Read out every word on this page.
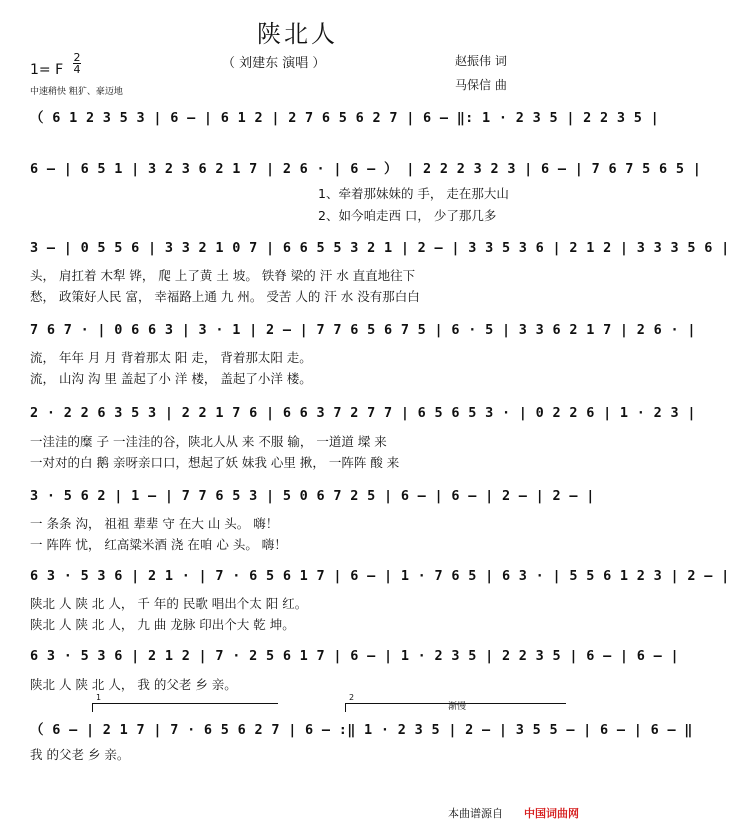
陕北人
（ 刘建东 演唱 ）
1= F
2
4
中速稍快 粗犷、豪迈地
赵振伟 词
马保信 曲
（ 6 1 2 3 5 3 | 6 – | 6 1 2 | 2 7 6 5 6 2 7 | 6 – ‖: 1 · 2 3 5 | 2 2 3 5 |
6 – | 6 5 1 | 3 2 3 6 2 1 7 | 2 6 · | 6 – ） | 2 2 2 3 2 3 | 6 – | 7 6 7 5 6 5 |
1、牵着那妹妹的 手， 走在那大山
2、如今咱走西 口， 少了那几多
3 – | 0 5 5 6 | 3 3 2 1 0 7 | 6 6 5 5 3 2 1 | 2 – | 3 3 5 3 6 | 2 1 2 | 3 3 3 5 6 |
头， 肩扛着 木犁 铧， 爬 上了黄 土 坡。 铁脊 梁的 汗 水 直直地往下
愁， 政策好人民 富， 幸福路上通 九 州。 受苦 人的 汗 水 没有那白白
7 6 7 · | 0 6 6 3 | 3 · 1 | 2 – | 7 7 6 5 6 7 5 | 6 · 5 | 3 3 6 2 1 7 | 2 6 · |
流， 年年 月 月 背着那太 阳 走， 背着那太阳 走。
流， 山沟 沟 里 盖起了小 洋 楼， 盖起了小洋 楼。
2 · 2 2 6 3 5 3 | 2 2 1 7 6 | 6 6 3 7 2 7 7 | 6 5 6 5 3 · | 0 2 2 6 | 1 · 2 3 |
一洼洼的糜 子 一洼洼的谷，陕北人从 来 不服 输， 一道道 墚 来
一对对的白 鹅 亲呀亲口口，想起了妖 妹我 心里 揪， 一阵阵 酸 来
3 · 5 6 2 | 1 – | 7 7 6 5 3 | 5 0 6 7 2 5 | 6 – | 6 – | 2 – | 2 – |
一 条条 沟， 祖祖 辈辈 守 在大 山 头。 嗨！
一 阵阵 忧， 红高粱米酒 浇 在咱 心 头。 嗨！
6 3 · 5 3 6 | 2 1 · | 7 · 6 5 6 1 7 | 6 – | 1 · 7 6 5 | 6 3 · | 5 5 6 1 2 3 | 2 – |
陕北 人 陕 北 人， 千 年的 民歌 唱出个太 阳 红。
陕北 人 陕 北 人， 九 曲 龙脉 印出个大 乾 坤。
6 3 · 5 3 6 | 2 1 2 | 7 · 2 5 6 1 7 | 6 – | 1 · 2 3 5 | 2 2 3 5 | 6 – | 6 – |
陕北 人 陕 北 人， 我 的父老 乡 亲。
1	2
渐慢
（ 6 – | 2 1 7 | 7 · 6 5 6 2 7 | 6 – :‖ 1 · 2 3 5 | 2 – | 3 5 5 – | 6 – | 6 – ‖
我 的父老 乡 亲。
本曲谱源自 中国词曲网
